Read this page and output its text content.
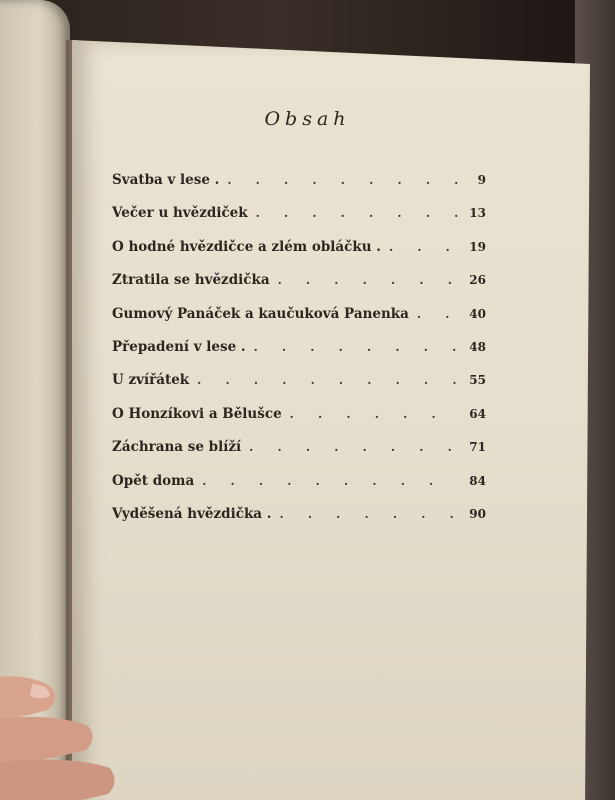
Obsah
Svatba v lese . . . .	9
Večer u hvězdiček . . .	13
O hodné hvězdičce a zlém obláčku . . . .	19
Ztratila se hvězdička . . .	26
Gumový Panáček a kaučuková Panenka . . .	40
Přepadení v lese . . . .	48
U zvířátek . . .	55
O Honzíkovi a Bělušce . . .	64
Záchrana se blíží . . .	71
Opět doma . . .	84
Vyděšená hvězdička . . . .	90
